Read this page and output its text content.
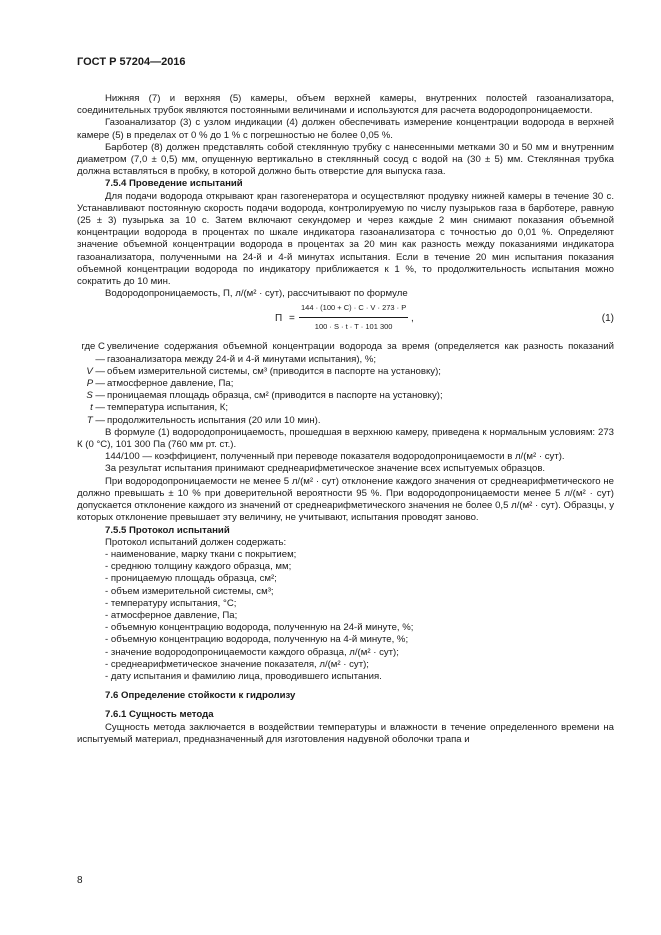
ГОСТ Р 57204—2016

Нижняя (7) и верхняя (5) камеры, объем верхней камеры, внутренних полостей газоанализатора, соединительных трубок являются постоянными величинами и используются для расчета водородопроницаемости.

Газоанализатор (3) с узлом индикации (4) должен обеспечивать измерение концентрации водорода в верхней камере (5) в пределах от 0 % до 1 % с погрешностью не более 0,05 %.

Барботер (8) должен представлять собой стеклянную трубку с нанесенными метками 30 и 50 мм и внутренним диаметром (7,0 ± 0,5) мм, опущенную вертикально в стеклянный сосуд с водой на (30 ± 5) мм. Стеклянная трубка должна вставляться в пробку, в которой должно быть отверстие для выпуска газа.

7.5.4 Проведение испытаний

Для подачи водорода открывают кран газогенератора и осуществляют продувку нижней камеры в течение 30 с. Устанавливают постоянную скорость подачи водорода, контролируемую по числу пузырьков газа в барботере, равную (25 ± 3) пузырька за 10 с. Затем включают секундомер и через каждые 2 мин снимают показания объемной концентрации водорода в процентах по шкале индикатора газоанализатора с точностью до 0,01 %. Определяют значение объемной концентрации водорода в процентах за 20 мин как разность между показаниями индикатора газоанализатора, полученными на 24-й и 4-й минутах испытания. Если в течение 20 мин испытания показания объемной концентрации водорода по индикатору приближается к 1 %, то продолжительность испытания можно сократить до 10 мин.

Водородопроницаемость, П, л/(м² · сут), рассчитывают по формуле

$П = \frac{144 \cdot (100 + C) \cdot C \cdot V \cdot 273 \cdot P}{100 \cdot S \cdot t \cdot T \cdot 101 300}$ ,	(1)
где С —
увеличение содержания объемной концентрации водорода за время (определяется как разность показаний газоанализатора между 24-й и 4-й минутами испытания), %;
V — объем измерительной системы, см³ (приводится в паспорте на установку);
P — атмосферное давление, Па;
S — проницаемая площадь образца, см² (приводится в паспорте на установку);
t — температура испытания, К;
T — продолжительность испытания (20 или 10 мин).

В формуле (1) водородопроницаемость, прошедшая в верхнюю камеру, приведена к нормальным условиям: 273 К (0 °С), 101 300 Па (760 мм рт. ст.).

144/100 — коэффициент, полученный при переводе показателя водородопроницаемости в л/(м² · сут).

За результат испытания принимают среднеарифметическое значение всех испытуемых образцов.

При водородопроницаемости не менее 5 л/(м² · сут) отклонение каждого значения от среднеарифметического не должно превышать ± 10 % при доверительной вероятности 95 %. При водородопроницаемости менее 5 л/(м² · сут) допускается отклонение каждого из значений от среднеарифметического значения не более 0,5 л/(м² · сут). Образцы, у которых отклонение превышает эту величину, не учитывают, испытания проводят заново.

7.5.5 Протокол испытаний

Протокол испытаний должен содержать:

- наименование, марку ткани с покрытием;

- среднюю толщину каждого образца, мм;

- проницаемую площадь образца, см²;

- объем измерительной системы, см³;

- температуру испытания, °С;

- атмосферное давление, Па;

- объемную концентрацию водорода, полученную на 24-й минуте, %;

- объемную концентрацию водорода, полученную на 4-й минуте, %;

- значение водородопроницаемости каждого образца, л/(м² · сут);

- среднеарифметическое значение показателя, л/(м² · сут);

- дату испытания и фамилию лица, проводившего испытания.

7.6 Определение стойкости к гидролизу

7.6.1 Сущность метода

Сущность метода заключается в воздействии температуры и влажности в течение определенного времени на испытуемый материал, предназначенный для изготовления надувной оболочки трапа и

8
